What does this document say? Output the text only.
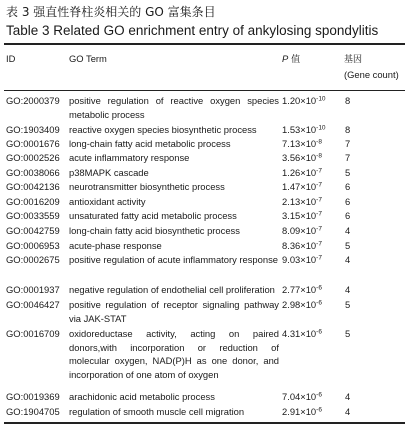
表 3 强直性脊柱炎相关的 GO 富集条目
Table 3 Related GO enrichment entry of ankylosing spondylitis
ID	GO Term	P 值	基因
(Gene count)
GO:2000379 positive regulation of reactive oxygen species metabolic process
$1.20\times 10^{-10}$	8
GO:1903409 reactive oxygen species biosynthetic process	$1.53\times 10^{-10}$	8
GO:0001676 long-chain fatty acid metabolic process	$7.13\times 10^{-8}$	7
GO:0002526 acute inflammatory response	$3.56\times 10^{-8}$	7
GO:0038066 p38MAPK cascade	$1.26\times 10^{-7}$	5
GO:0042136 neurotransmitter biosynthetic process	$1.47\times 10^{-7}$	6
GO:0016209 antioxidant activity	$2.13\times 10^{-7}$	6
GO:0033559 unsaturated fatty acid metabolic process	$3.15\times 10^{-7}$	6
GO:0042759 long-chain fatty acid biosynthetic process	$8.09\times 10^{-7}$	4
GO:0006953 acute-phase response	$8.36\times 10^{-7}$	5
GO:0002675 positive regulation of acute inflammatory response $9.03\times 10^{-7}$	4
GO:0001937 negative regulation of endothelial cell proliferation $2.77\times 10^{-6}$	4
GO:0046427 positive regulation of receptor signaling pathway via JAK-STAT
$2.98\times 10^{-6}$	5
GO:0016709 oxidoreductase activity, acting on paired donors,with incorporation or reduction of molecular oxygen, NAD(P)H as one donor, and incorporation of one atom of oxygen
$4.31\times 10^{-6}$	5
GO:0019369 arachidonic acid metabolic process	$7.04\times 10^{-6}$	4
GO:1904705 regulation of smooth muscle cell migration	$2.91\times 10^{-6}$	4
